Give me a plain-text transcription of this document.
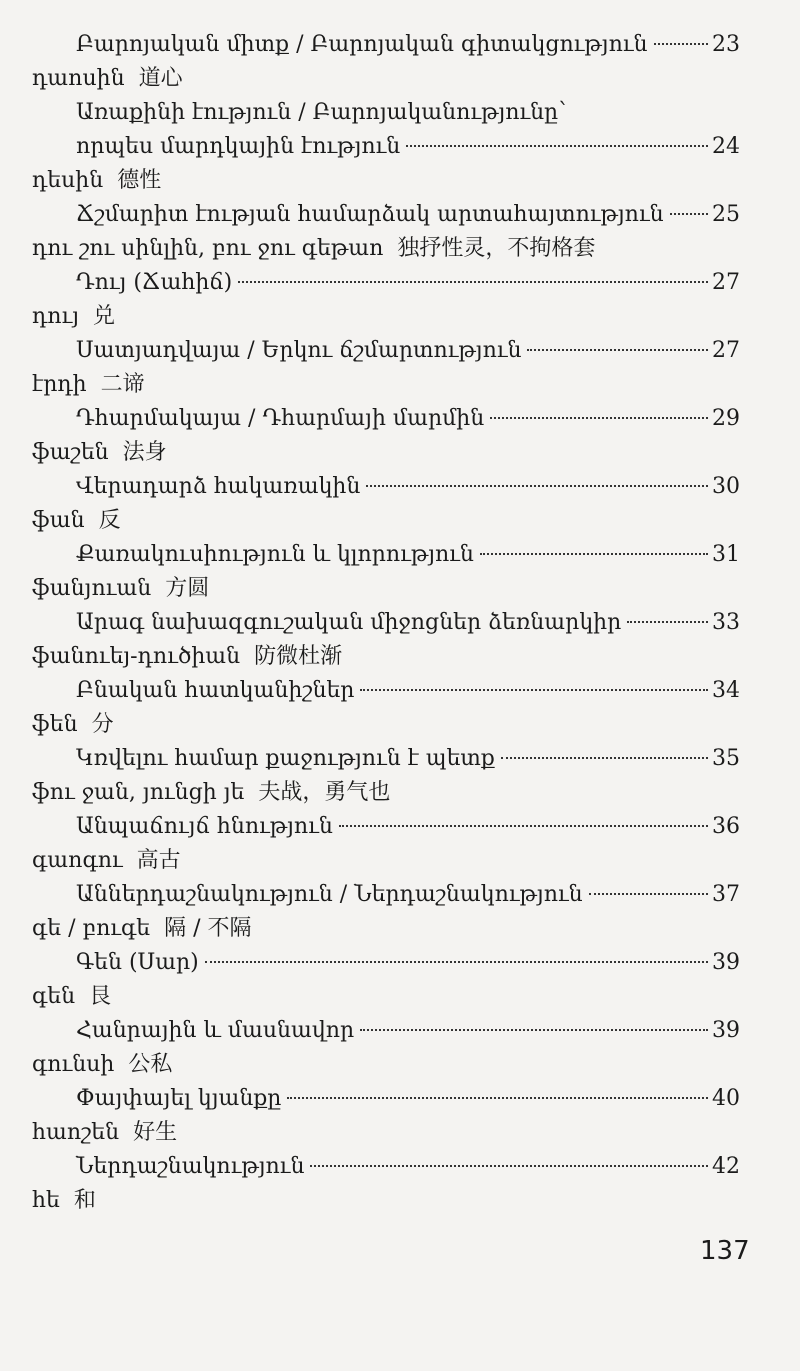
Բարոյական միտք / Բարոյական գիտակցություն	23
դաոսին 道心
Առաքինի էություն / Բարոյականությունը՝
որպես մարդկային էություն	24
դեսին 德性
Ճշմարիտ էության համարձակ արտահայտություն 25
դու շու սինլին, բու ջու գեթաո 独抒性灵，不拘格套
Դույ (Ճահիճ)	27
դույ 兑
Սատյադվայա / Երկու ճշմարտություն	27
էրդի 二谛
Դհարմակայա / Դհարմայի մարմին	29
ֆաշեն 法身
Վերադարձ հակառակին	30
ֆան 反
Քառակուսիություն և կլորություն	31
ֆանյուան 方圆
Արագ նախազգուշական միջոցներ ձեռնարկիր	33
ֆանուեյ-դուծիան 防微杜渐
Բնական հատկանիշներ	34
ֆեն 分
Կռվելու համար քաջություն է պետք	35
ֆու ջան, յունցի յե 夫战，勇气也
Անպաճույճ հնություն	36
գաոգու 高古
Աններդաշնակություն / Ներդաշնակություն	37
գե / բուգե 隔 / 不隔
Գեն (Սար)	39
գեն 艮
Հանրային և մասնավոր	39
գունսի 公私
Փայփայել կյանքը	40
հաոշեն 好生
Ներդաշնակություն	42
հե 和
137
